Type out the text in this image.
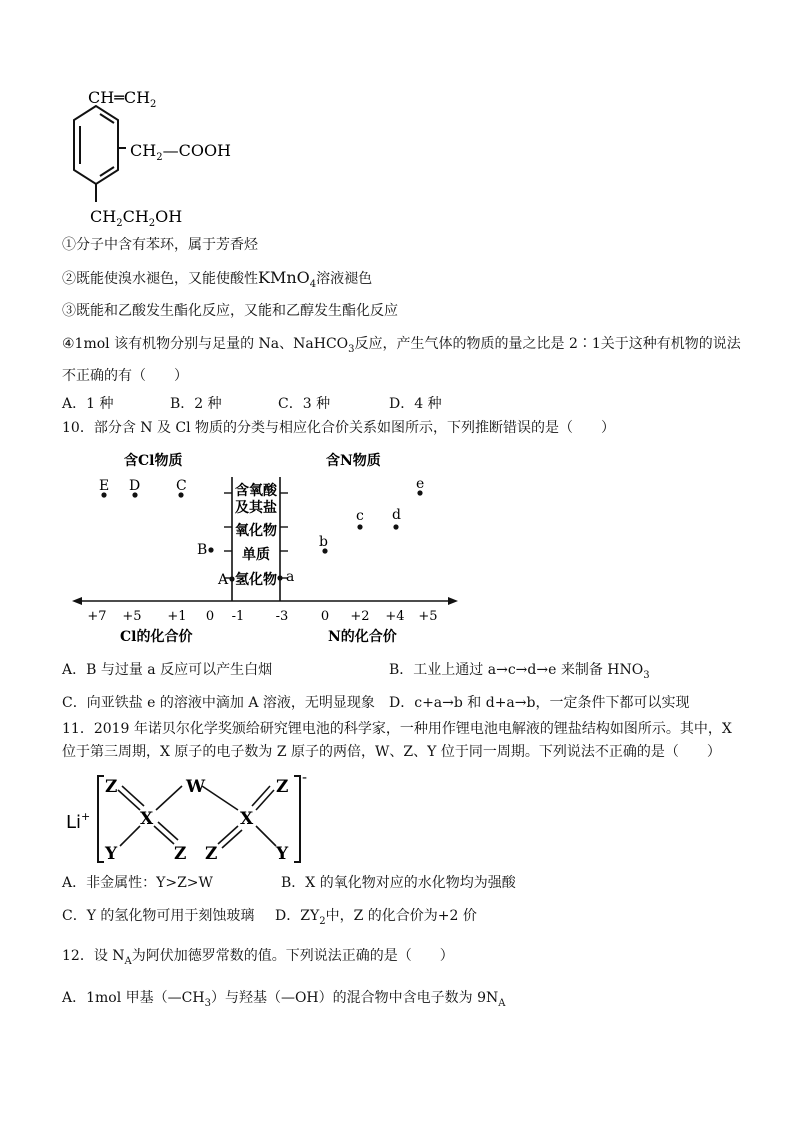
$CH═CH_2$
$CH_2—COOH$
$CH_2CH_2OH$
①分子中含有苯环，属于芳香烃
②既能使溴水褪色，又能使酸性KMnO$_4$溶液褪色
③既能和乙酸发生酯化反应，又能和乙醇发生酯化反应
④1mol 该有机物分别与足量的 Na、NaHCO$_3$反应，产生气体的物质的量之比是 2∶1关于这种有机物的说法
不正确的有（　　）
A．1 种	B．2 种	C．3 种	D．4 种
10．部分含 N 及 Cl 物质的分类与相应化合价关系如图所示，下列推断错误的是（　　）
含Cl物质	含N物质
含氧酸
及其盐
氧化物
单质
氢化物
+7 +5 +1 0 -1 -3	0 +2 +4 +5
Cl的化合价	N的化合价
E D	C
B
A	a
b
c d
e
A．B 与过量 a 反应可以产生白烟	B．工业上通过 a→c→d→e 来制备 $HNO_3$
C．向亚铁盐 e 的溶液中滴加 A 溶液，无明显现象 D．c+a→b 和 d+a→b，一定条件下都可以实现
11．2019 年诺贝尔化学奖颁给研究锂电池的科学家，一种用作锂电池电解液的锂盐结构如图所示。其中，X
位于第三周期，X 原子的电子数为 Z 原子的两倍，W、Z、Y 位于同一周期。下列说法不正确的是（　　）
Li+
-
Z	W	Z
X	X
Y	Z Z	Y
A．非金属性：Y>Z>W	B．X 的氧化物对应的水化物均为强酸
C．Y 的氢化物可用于刻蚀玻璃 D．$ZY_2$中，Z 的化合价为+2 价
12．设 $N_A$为阿伏加德罗常数的值。下列说法正确的是（　　）
A．1mol 甲基$(—CH_3)$与羟基（—OH）的混合物中含电子数为 $9N_A$
